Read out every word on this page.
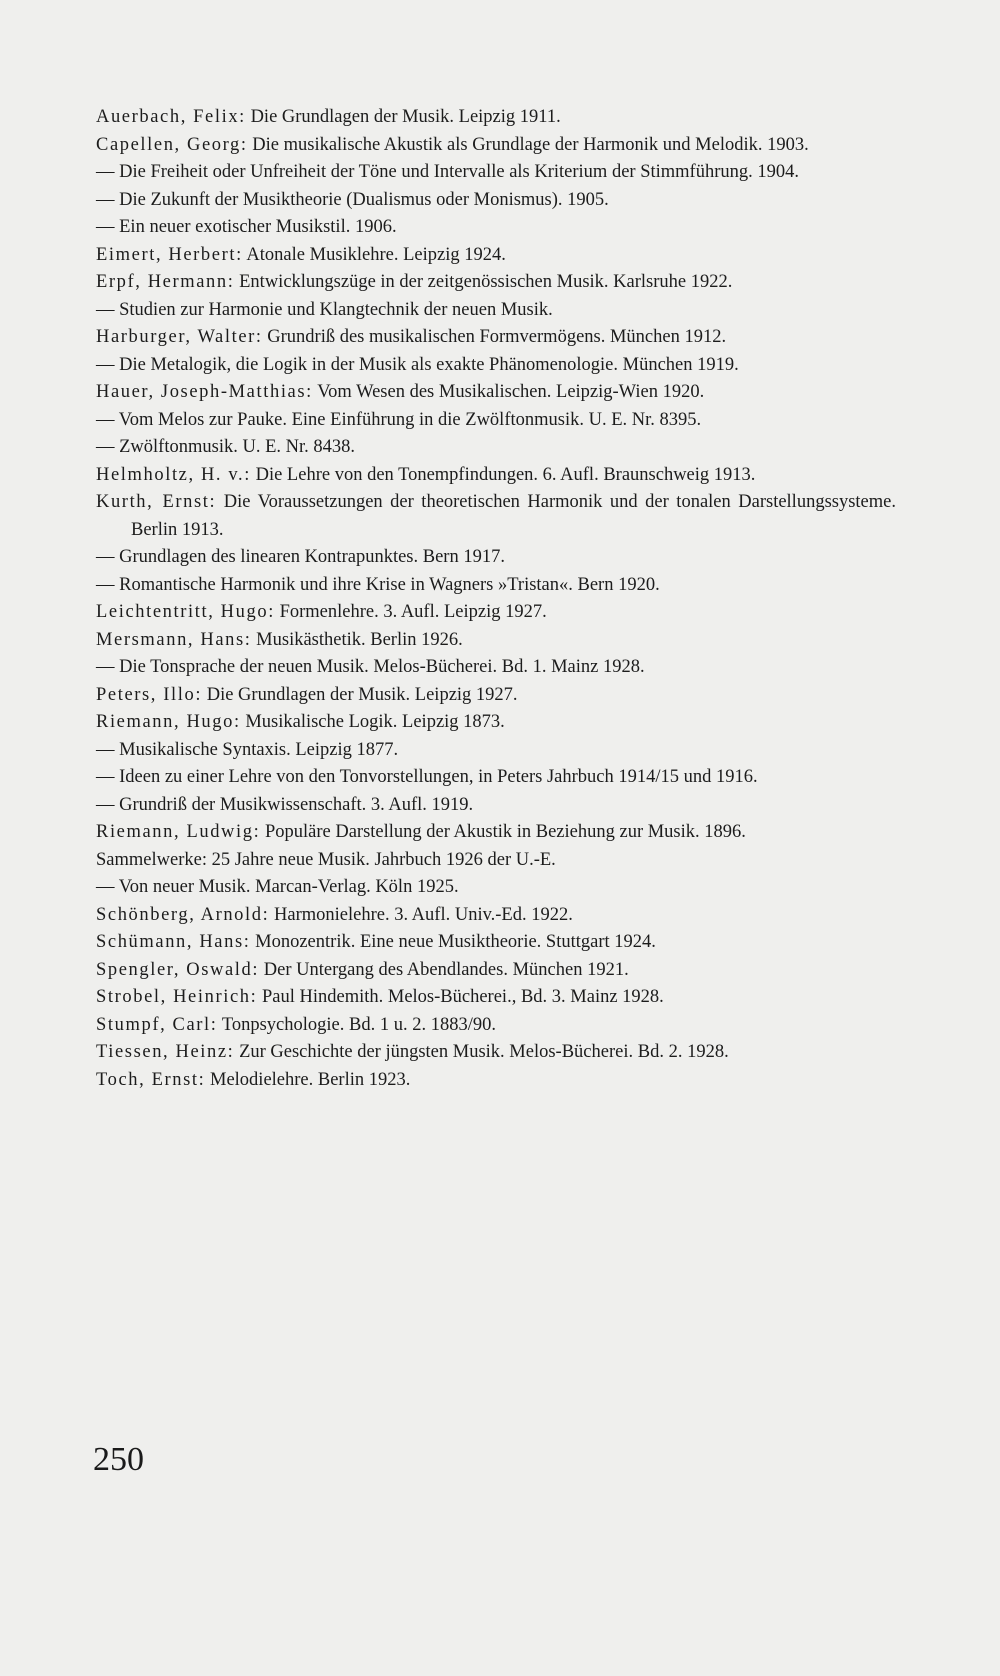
Auerbach, Felix: Die Grundlagen der Musik. Leipzig 1911.

Capellen, Georg: Die musikalische Akustik als Grundlage der Harmonik und Melodik. 1903.

— Die Freiheit oder Unfreiheit der Töne und Intervalle als Kriterium der Stimmführung. 1904.

— Die Zukunft der Musiktheorie (Dualismus oder Monismus). 1905.

— Ein neuer exotischer Musikstil. 1906.

Eimert, Herbert: Atonale Musiklehre. Leipzig 1924.

Erpf, Hermann: Entwicklungszüge in der zeitgenössischen Musik. Karlsruhe 1922.

— Studien zur Harmonie und Klangtechnik der neuen Musik.

Harburger, Walter: Grundriß des musikalischen Formvermögens. München 1912.

— Die Metalogik, die Logik in der Musik als exakte Phänomenologie. München 1919.

Hauer, Joseph-Matthias: Vom Wesen des Musikalischen. Leipzig-Wien 1920.

— Vom Melos zur Pauke. Eine Einführung in die Zwölftonmusik. U. E. Nr. 8395.

— Zwölftonmusik. U. E. Nr. 8438.

Helmholtz, H. v.: Die Lehre von den Tonempfindungen. 6. Aufl. Braunschweig 1913.

Kurth, Ernst: Die Voraussetzungen der theoretischen Harmonik und der tonalen Darstellungssysteme. Berlin 1913.

— Grundlagen des linearen Kontrapunktes. Bern 1917.

— Romantische Harmonik und ihre Krise in Wagners »Tristan«. Bern 1920.

Leichtentritt, Hugo: Formenlehre. 3. Aufl. Leipzig 1927.

Mersmann, Hans: Musikästhetik. Berlin 1926.

— Die Tonsprache der neuen Musik. Melos-Bücherei. Bd. 1. Mainz 1928.

Peters, Illo: Die Grundlagen der Musik. Leipzig 1927.

Riemann, Hugo: Musikalische Logik. Leipzig 1873.

— Musikalische Syntaxis. Leipzig 1877.

— Ideen zu einer Lehre von den Tonvorstellungen, in Peters Jahrbuch 1914/15 und 1916.

— Grundriß der Musikwissenschaft. 3. Aufl. 1919.

Riemann, Ludwig: Populäre Darstellung der Akustik in Beziehung zur Musik. 1896.

Sammelwerke: 25 Jahre neue Musik. Jahrbuch 1926 der U.-E.

— Von neuer Musik. Marcan-Verlag. Köln 1925.

Schönberg, Arnold: Harmonielehre. 3. Aufl. Univ.-Ed. 1922.

Schümann, Hans: Monozentrik. Eine neue Musiktheorie. Stuttgart 1924.

Spengler, Oswald: Der Untergang des Abendlandes. München 1921.

Strobel, Heinrich: Paul Hindemith. Melos-Bücherei., Bd. 3. Mainz 1928.

Stumpf, Carl: Tonpsychologie. Bd. 1 u. 2. 1883/90.

Tiessen, Heinz: Zur Geschichte der jüngsten Musik. Melos-Bücherei. Bd. 2. 1928.

Toch, Ernst: Melodielehre. Berlin 1923.

250
